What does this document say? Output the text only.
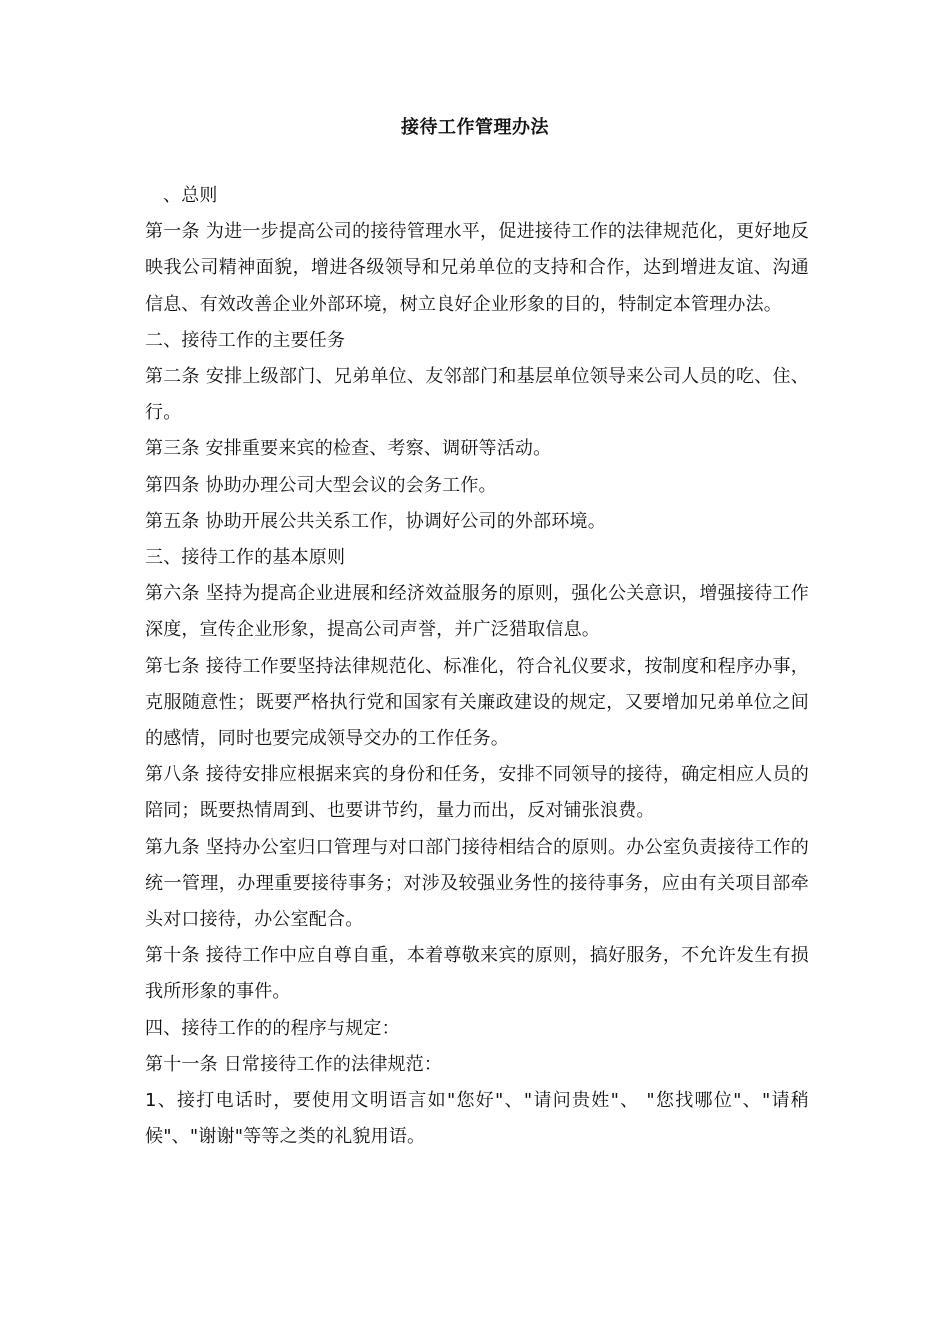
接待工作管理办法

、总则

第一条 为进一步提高公司的接待管理水平，促进接待工作的法律规范化，更好地反映我公司精神面貌，增进各级领导和兄弟单位的支持和合作，达到增进友谊、沟通信息、有效改善企业外部环境，树立良好企业形象的目的，特制定本管理办法。

二、接待工作的主要任务

第二条 安排上级部门、兄弟单位、友邻部门和基层单位领导来公司人员的吃、住、行。

第三条 安排重要来宾的检查、考察、调研等活动。

第四条 协助办理公司大型会议的会务工作。

第五条 协助开展公共关系工作，协调好公司的外部环境。

三、接待工作的基本原则

第六条 坚持为提高企业进展和经济效益服务的原则，强化公关意识，增强接待工作深度，宣传企业形象，提高公司声誉，并广泛猎取信息。

第七条 接待工作要坚持法律规范化、标准化，符合礼仪要求，按制度和程序办事，克服随意性；既要严格执行党和国家有关廉政建设的规定，又要增加兄弟单位之间的感情，同时也要完成领导交办的工作任务。

第八条 接待安排应根据来宾的身份和任务，安排不同领导的接待，确定相应人员的陪同；既要热情周到、也要讲节约，量力而出，反对铺张浪费。

第九条 坚持办公室归口管理与对口部门接待相结合的原则。办公室负责接待工作的统一管理，办理重要接待事务；对涉及较强业务性的接待事务，应由有关项目部牵头对口接待，办公室配合。

第十条 接待工作中应自尊自重，本着尊敬来宾的原则，搞好服务，不允许发生有损我所形象的事件。

四、接待工作的的程序与规定：

第十一条 日常接待工作的法律规范：

1、接打电话时，要使用文明语言如"您好"、"请问贵姓"、 "您找哪位"、"请稍候"、"谢谢"等等之类的礼貌用语。
